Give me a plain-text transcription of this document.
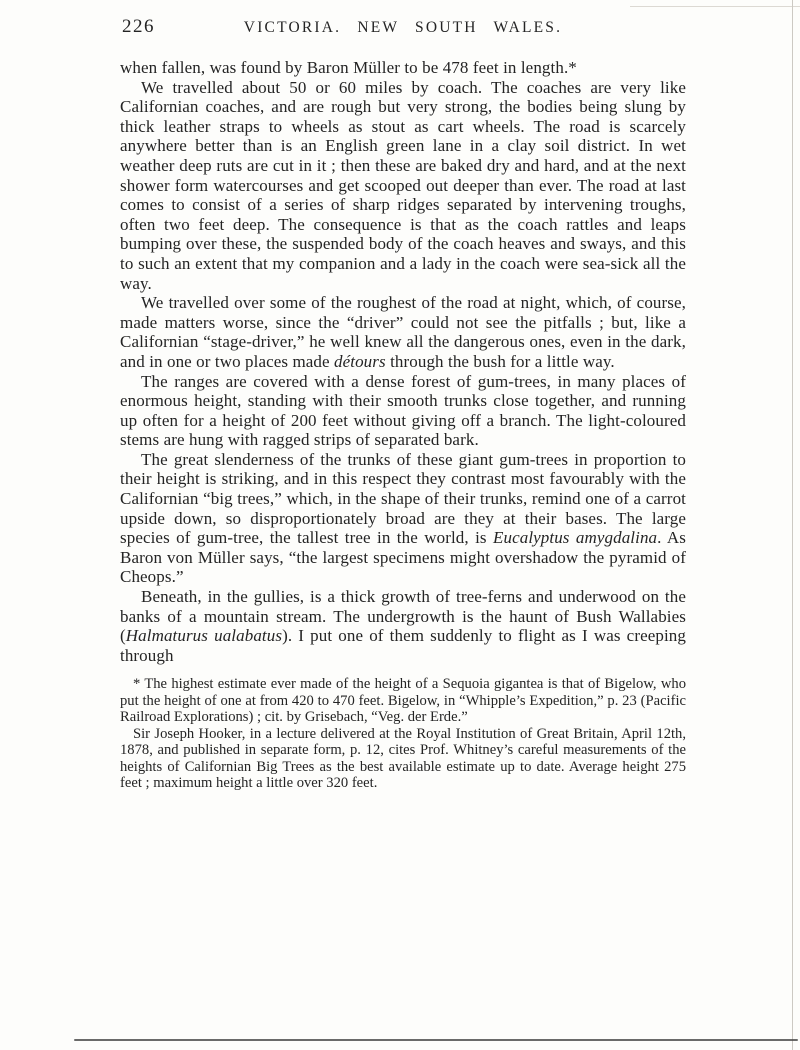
226	VICTORIA. NEW SOUTH WALES.

when fallen, was found by Baron Müller to be 478 feet in length.*

We travelled about 50 or 60 miles by coach. The coaches are very like Californian coaches, and are rough but very strong, the bodies being slung by thick leather straps to wheels as stout as cart wheels. The road is scarcely anywhere better than is an English green lane in a clay soil district. In wet weather deep ruts are cut in it ; then these are baked dry and hard, and at the next shower form watercourses and get scooped out deeper than ever. The road at last comes to consist of a series of sharp ridges separated by intervening troughs, often two feet deep. The consequence is that as the coach rattles and leaps bumping over these, the suspended body of the coach heaves and sways, and this to such an extent that my companion and a lady in the coach were sea-sick all the way.

We travelled over some of the roughest of the road at night, which, of course, made matters worse, since the “driver” could not see the pitfalls ; but, like a Californian “stage-driver,” he well knew all the dangerous ones, even in the dark, and in one or two places made détours through the bush for a little way.

The ranges are covered with a dense forest of gum-trees, in many places of enormous height, standing with their smooth trunks close together, and running up often for a height of 200 feet without giving off a branch. The light-coloured stems are hung with ragged strips of separated bark.

The great slenderness of the trunks of these giant gum-trees in proportion to their height is striking, and in this respect they contrast most favourably with the Californian “big trees,” which, in the shape of their trunks, remind one of a carrot upside down, so disproportionately broad are they at their bases. The large species of gum-tree, the tallest tree in the world, is Eucalyptus amygdalina. As Baron von Müller says, “the largest specimens might overshadow the pyramid of Cheops.”

Beneath, in the gullies, is a thick growth of tree-ferns and underwood on the banks of a mountain stream. The undergrowth is the haunt of Bush Wallabies (Halmaturus ualabatus). I put one of them suddenly to flight as I was creeping through

* The highest estimate ever made of the height of a Sequoia gigantea is that of Bigelow, who put the height of one at from 420 to 470 feet. Bigelow, in “Whipple’s Expedition,” p. 23 (Pacific Railroad Explorations) ; cit. by Grisebach, “Veg. der Erde.”

Sir Joseph Hooker, in a lecture delivered at the Royal Institution of Great Britain, April 12th, 1878, and published in separate form, p. 12, cites Prof. Whitney’s careful measurements of the heights of Californian Big Trees as the best available estimate up to date. Average height 275 feet ; maximum height a little over 320 feet.
